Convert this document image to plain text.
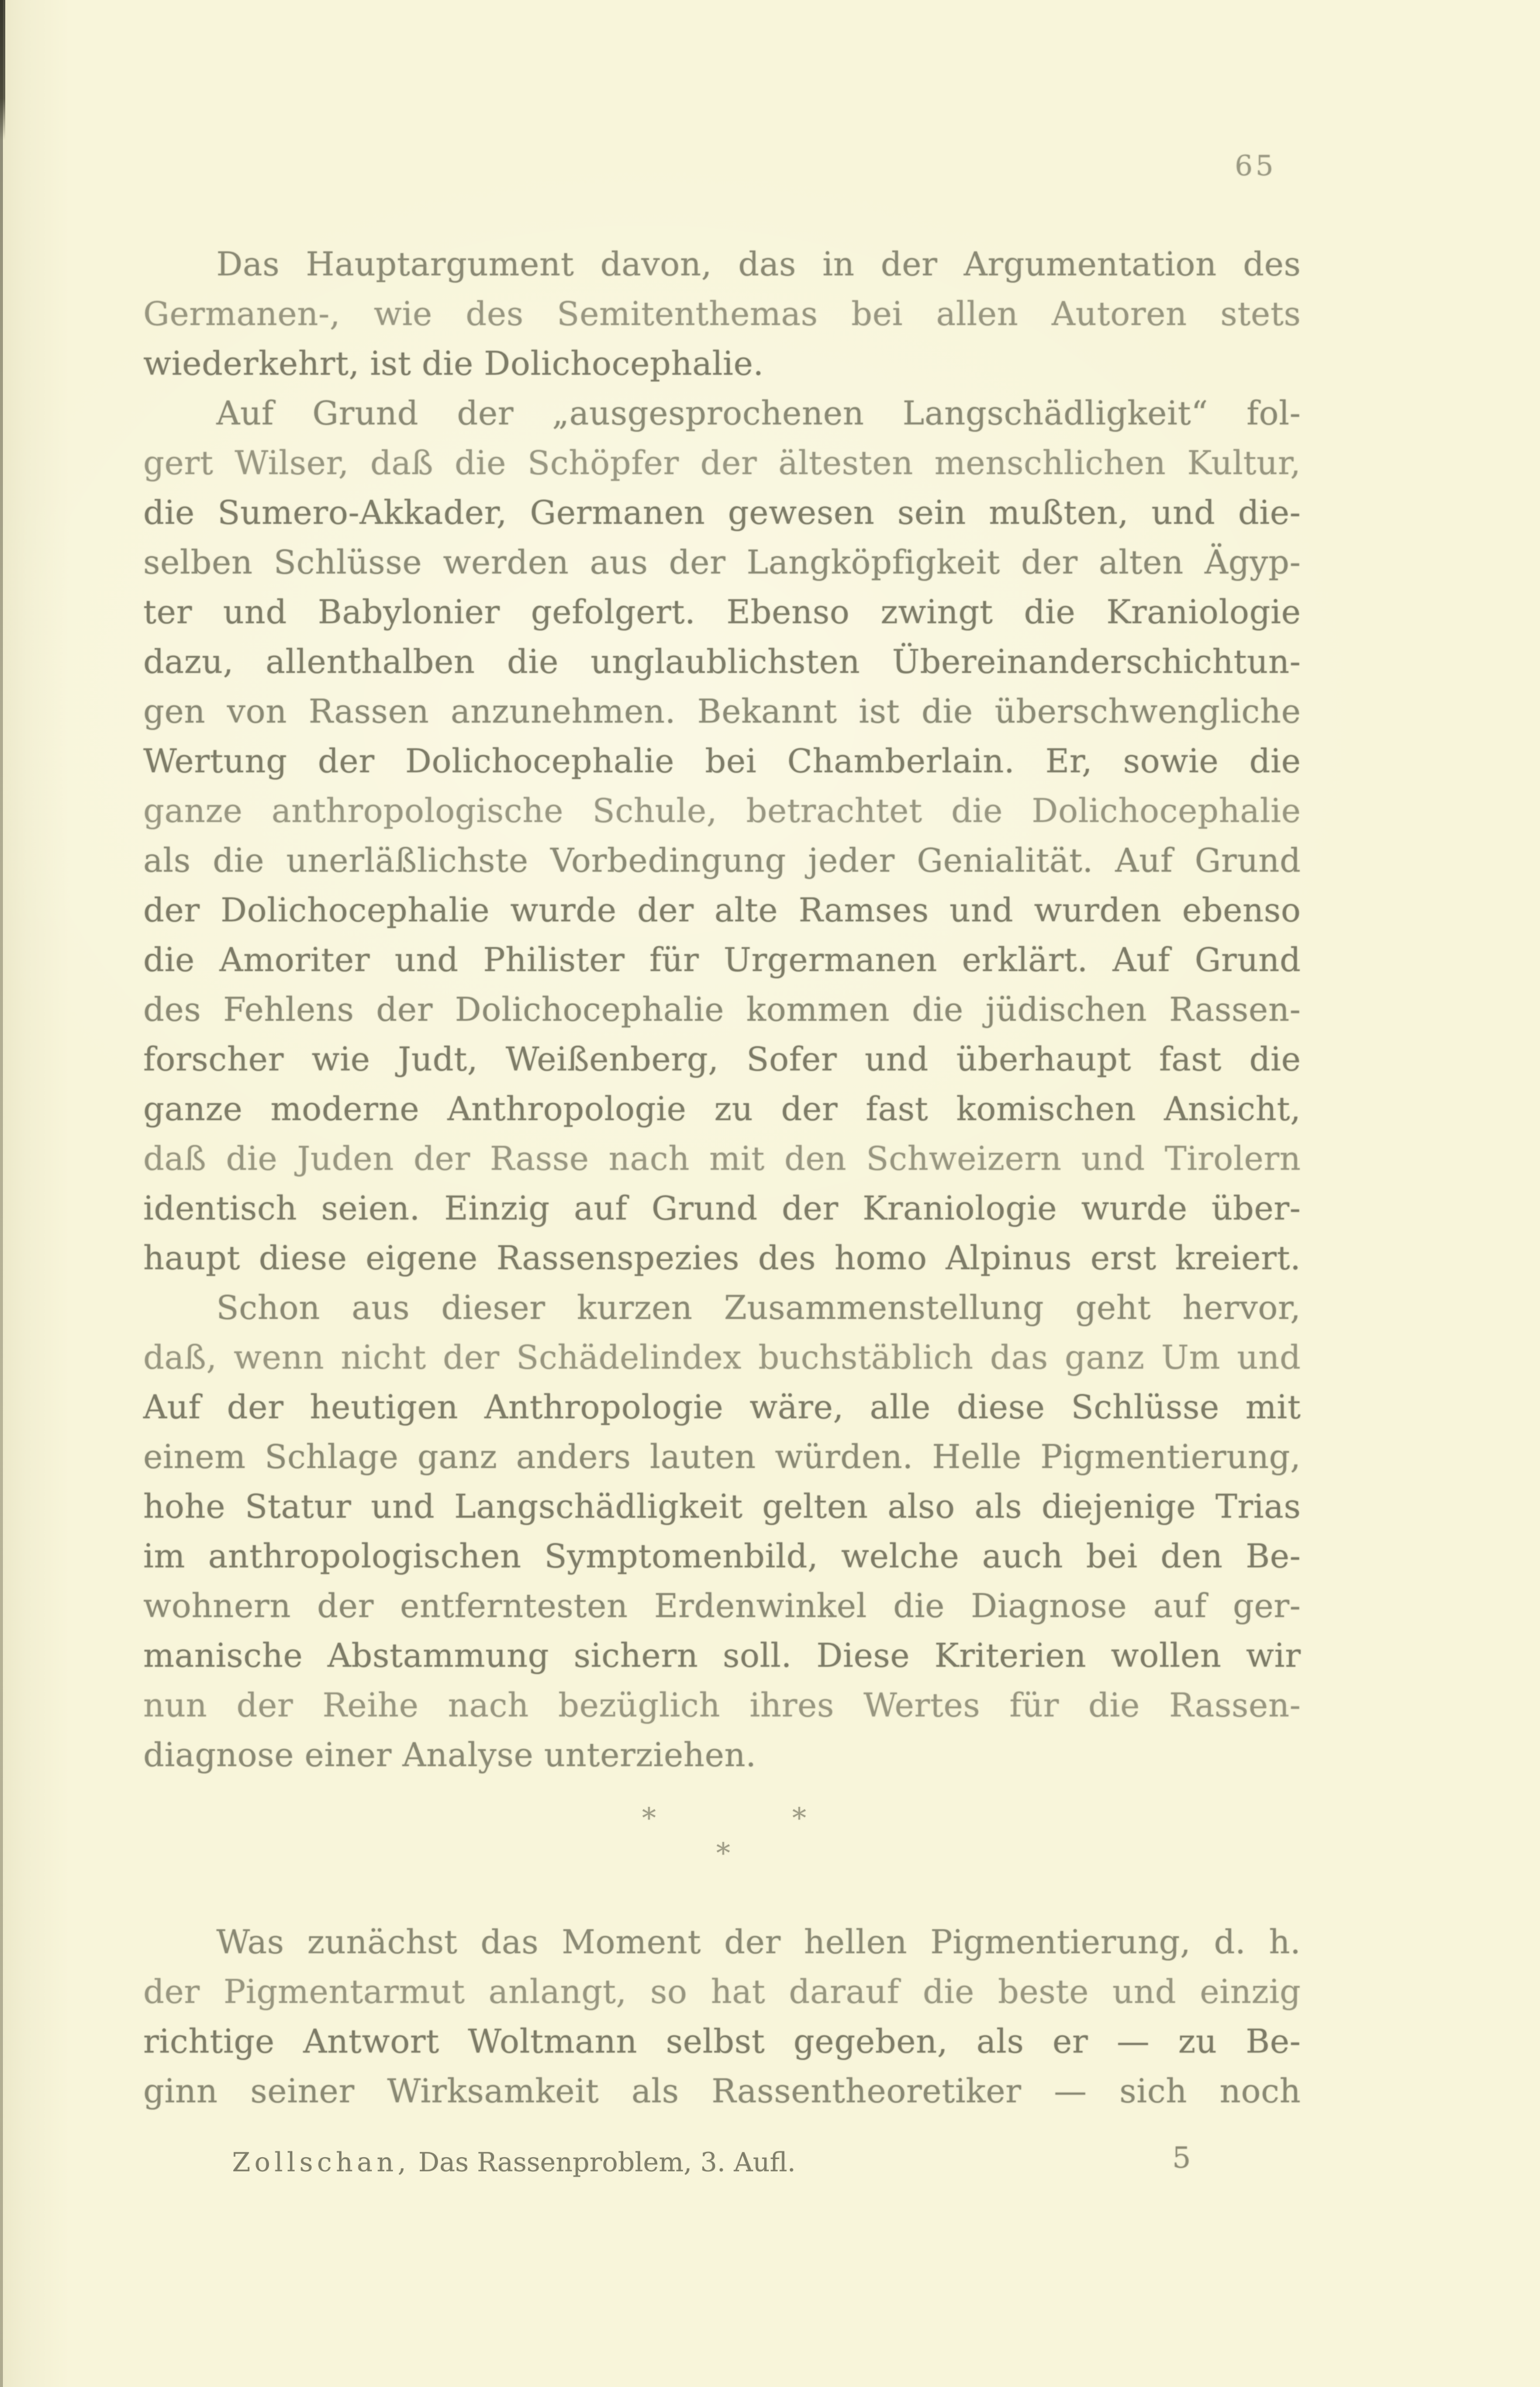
65
Das Hauptargument davon, das in der Argumentation des
Germanen-, wie des Semitenthemas bei allen Autoren stets
wiederkehrt, ist die Dolichocephalie.
Auf Grund der „ausgesprochenen Langschädligkeit“ fol-
gert Wilser, daß die Schöpfer der ältesten menschlichen Kultur,
die Sumero-Akkader, Germanen gewesen sein mußten, und die-
selben Schlüsse werden aus der Langköpfigkeit der alten Ägyp-
ter und Babylonier gefolgert. Ebenso zwingt die Kraniologie
dazu, allenthalben die unglaublichsten Übereinanderschichtun-
gen von Rassen anzunehmen. Bekannt ist die überschwengliche
Wertung der Dolichocephalie bei Chamberlain. Er, sowie die
ganze anthropologische Schule, betrachtet die Dolichocephalie
als die unerläßlichste Vorbedingung jeder Genialität. Auf Grund
der Dolichocephalie wurde der alte Ramses und wurden ebenso
die Amoriter und Philister für Urgermanen erklärt. Auf Grund
des Fehlens der Dolichocephalie kommen die jüdischen Rassen-
forscher wie Judt, Weißenberg, Sofer und überhaupt fast die
ganze moderne Anthropologie zu der fast komischen Ansicht,
daß die Juden der Rasse nach mit den Schweizern und Tirolern
identisch seien. Einzig auf Grund der Kraniologie wurde über-
haupt diese eigene Rassenspezies des homo Alpinus erst kreiert.
Schon aus dieser kurzen Zusammenstellung geht hervor,
daß, wenn nicht der Schädelindex buchstäblich das ganz Um und
Auf der heutigen Anthropologie wäre, alle diese Schlüsse mit
einem Schlage ganz anders lauten würden. Helle Pigmentierung,
hohe Statur und Langschädligkeit gelten also als diejenige Trias
im anthropologischen Symptomenbild, welche auch bei den Be-
wohnern der entferntesten Erdenwinkel die Diagnose auf ger-
manische Abstammung sichern soll. Diese Kriterien wollen wir
nun der Reihe nach bezüglich ihres Wertes für die Rassen-
diagnose einer Analyse unterziehen.
*	*
*
Was zunächst das Moment der hellen Pigmentierung, d. h.
der Pigmentarmut anlangt, so hat darauf die beste und einzig
richtige Antwort Woltmann selbst gegeben, als er — zu Be-
ginn seiner Wirksamkeit als Rassentheoretiker — sich noch
Zollschan, Das Rassenproblem, 3. Aufl.	5
